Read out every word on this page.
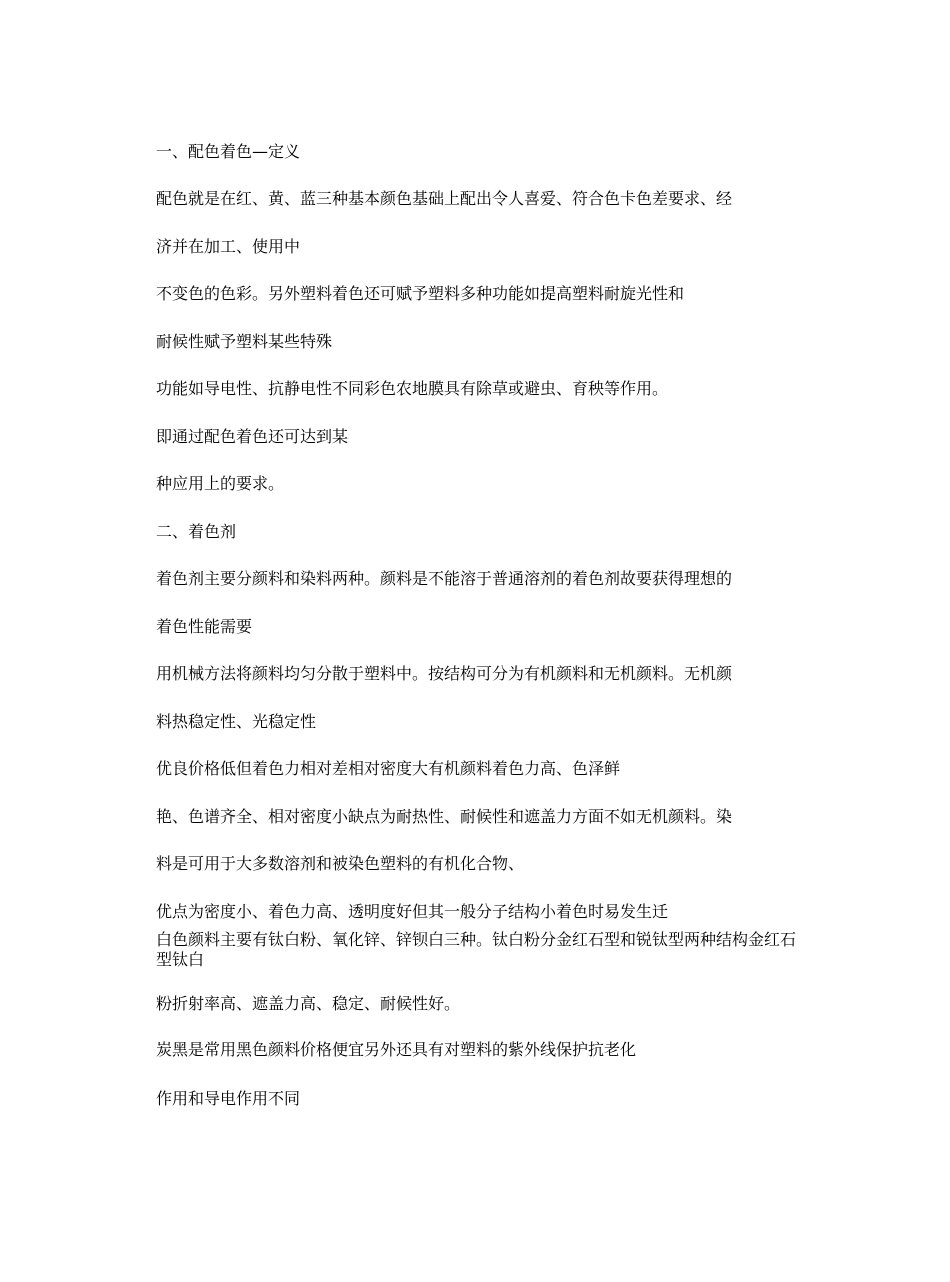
一、配色着色—定义
配色就是在红、黄、蓝三种基本颜色基础上配出令人喜爱、符合色卡色差要求、经
济并在加工、使用中
不变色的色彩。另外塑料着色还可赋予塑料多种功能如提高塑料耐旋光性和
耐候性赋予塑料某些特殊
功能如导电性、抗静电性不同彩色农地膜具有除草或避虫、育秧等作用。
即通过配色着色还可达到某
种应用上的要求。
二、着色剂
着色剂主要分颜料和染料两种。颜料是不能溶于普通溶剂的着色剂故要获得理想的
着色性能需要
用机械方法将颜料均匀分散于塑料中。按结构可分为有机颜料和无机颜料。无机颜
料热稳定性、光稳定性
优良价格低但着色力相对差相对密度大有机颜料着色力高、色泽鲜
艳、色谱齐全、相对密度小缺点为耐热性、耐候性和遮盖力方面不如无机颜料。染
料是可用于大多数溶剂和被染色塑料的有机化合物、
优点为密度小、着色力高、透明度好但其一般分子结构小着色时易发生迁
白色颜料主要有钛白粉、氧化锌、锌钡白三种。钛白粉分金红石型和锐钛型两种结构金红石型钛白
粉折射率高、遮盖力高、稳定、耐候性好。
炭黑是常用黑色颜料价格便宜另外还具有对塑料的紫外线保护抗老化
作用和导电作用不同
